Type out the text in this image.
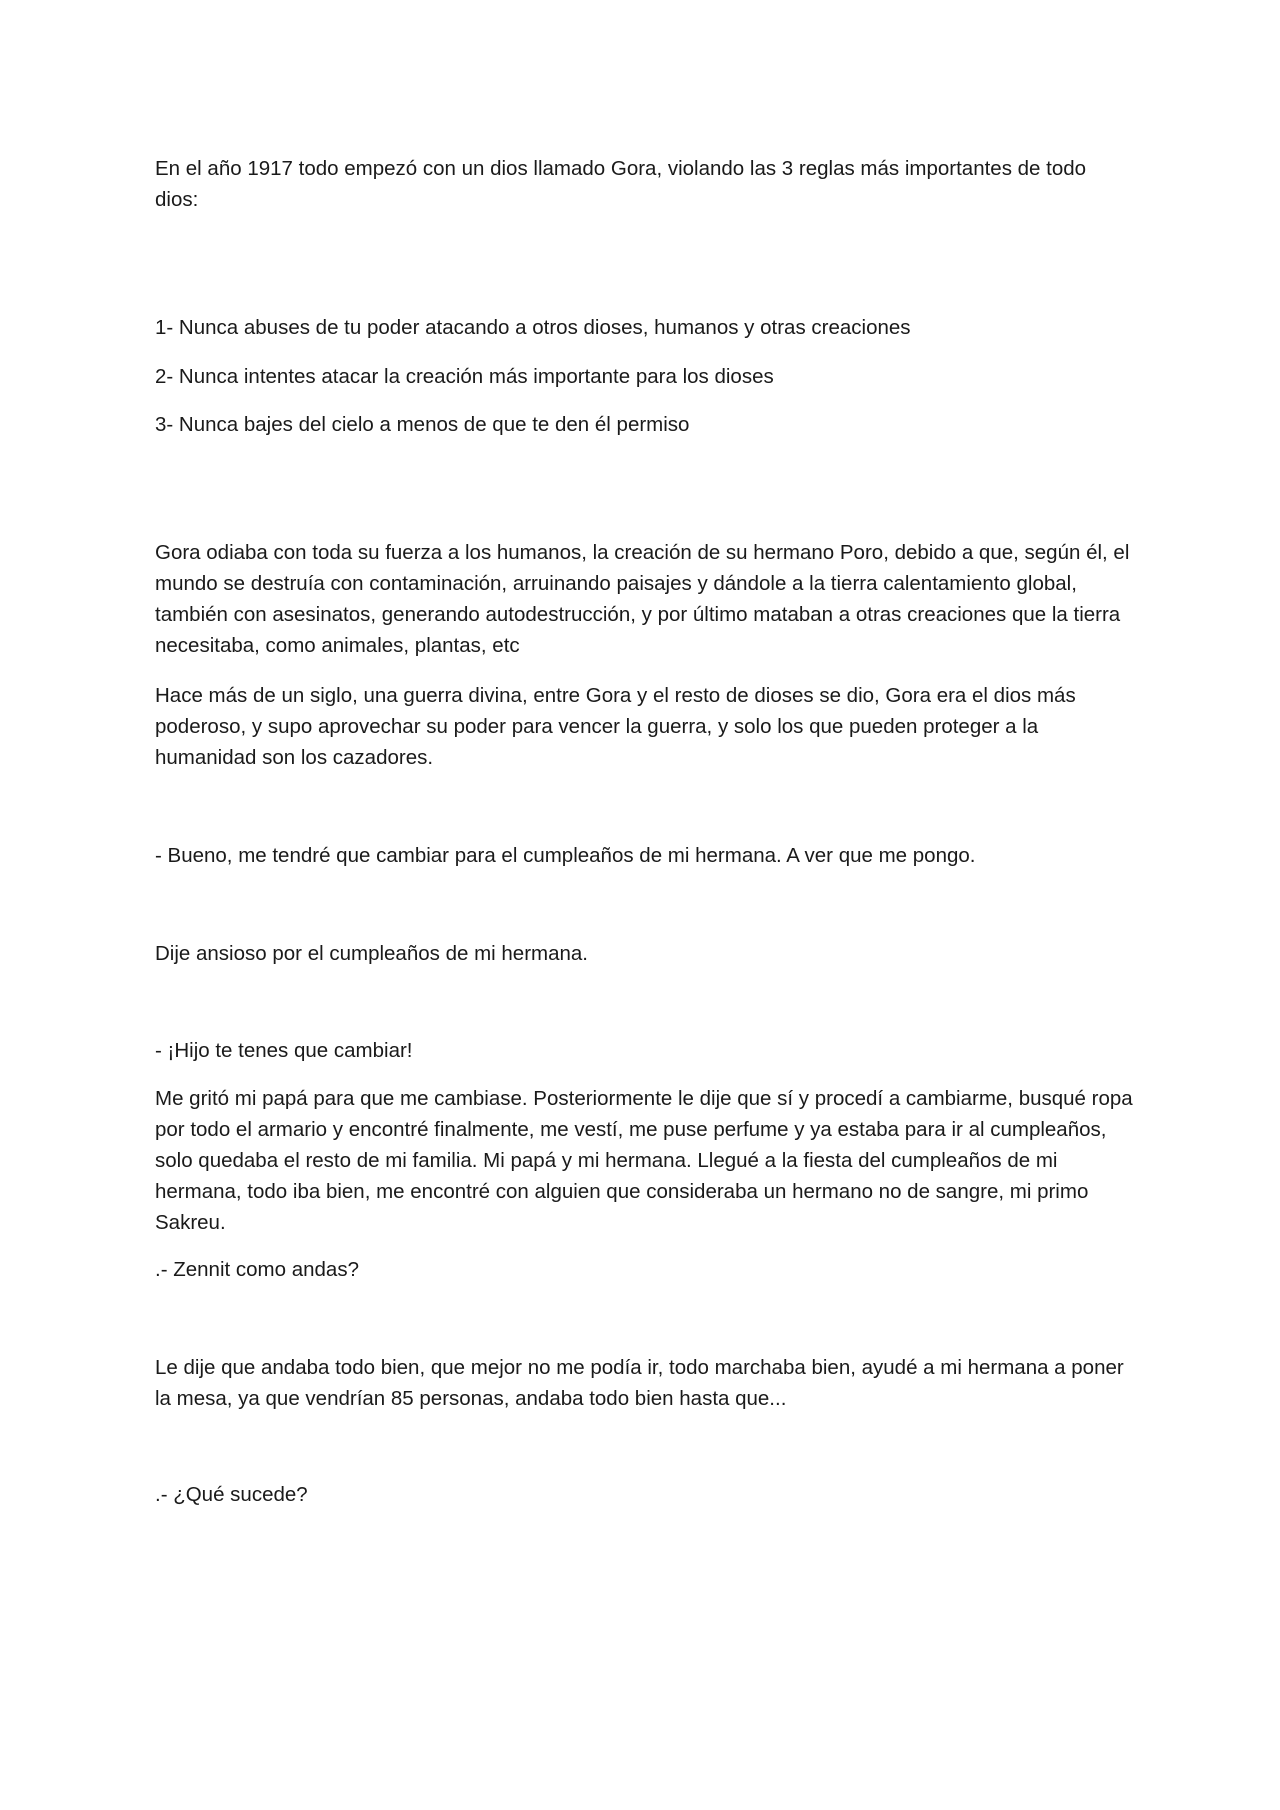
En el año 1917 todo empezó con un dios llamado Gora, violando las 3 reglas más importantes de todo dios:

1- Nunca abuses de tu poder atacando a otros dioses, humanos y otras creaciones

2- Nunca intentes atacar la creación más importante para los dioses

3- Nunca bajes del cielo a menos de que te den él permiso

Gora odiaba con toda su fuerza a los humanos, la creación de su hermano Poro, debido a que, según él, el mundo se destruía con contaminación, arruinando paisajes y dándole a la tierra calentamiento global, también con asesinatos, generando autodestrucción, y por último mataban a otras creaciones que la tierra necesitaba, como animales, plantas, etc

Hace más de un siglo, una guerra divina, entre Gora y el resto de dioses se dio, Gora era el dios más poderoso, y supo aprovechar su poder para vencer la guerra, y solo los que pueden proteger a la humanidad son los cazadores.

- Bueno, me tendré que cambiar para el cumpleaños de mi hermana. A ver que me pongo.

Dije ansioso por el cumpleaños de mi hermana.

- ¡Hijo te tenes que cambiar!

Me gritó mi papá para que me cambiase. Posteriormente le dije que sí y procedí a cambiarme, busqué ropa por todo el armario y encontré finalmente, me vestí, me puse perfume y ya estaba para ir al cumpleaños, solo quedaba el resto de mi familia. Mi papá y mi hermana. Llegué a la fiesta del cumpleaños de mi hermana, todo iba bien, me encontré con alguien que consideraba un hermano no de sangre, mi primo Sakreu.

.- Zennit como andas?

Le dije que andaba todo bien, que mejor no me podía ir, todo marchaba bien, ayudé a mi hermana a poner la mesa, ya que vendrían 85 personas, andaba todo bien hasta que...

.- ¿Qué sucede?
